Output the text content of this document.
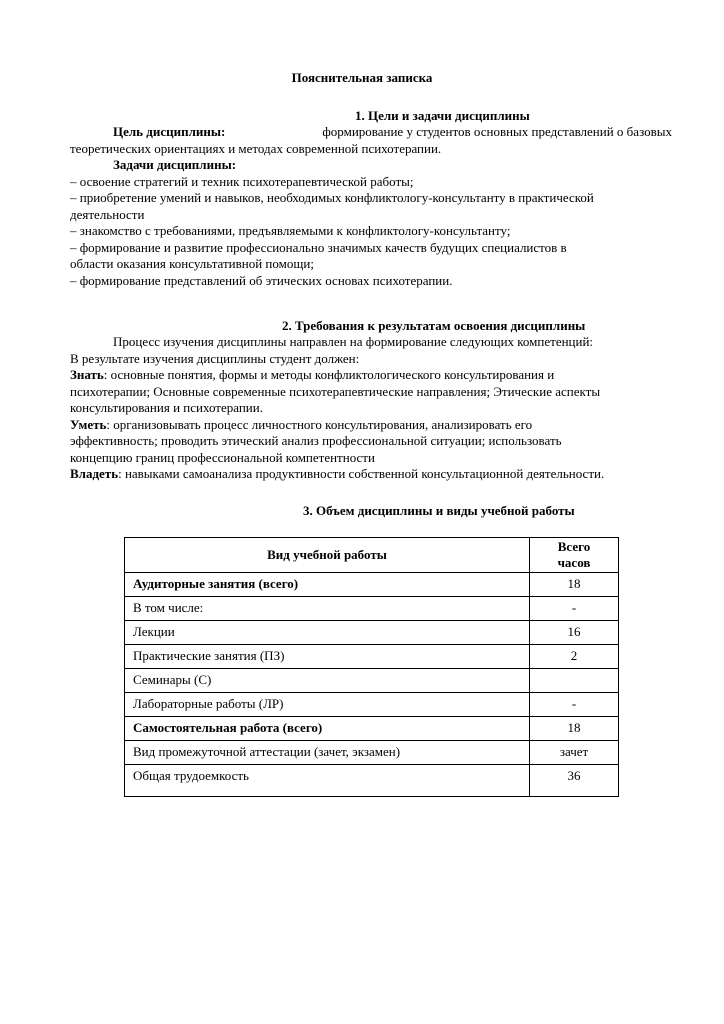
Пояснительная записка
1. Цели и задачи дисциплины
Цель дисциплины:	формирование у студентов основных представлений о базовых
теоретических ориентациях и методах современной психотерапии.
Задачи дисциплины:
– освоение стратегий и техник психотерапевтической работы;
– приобретение умений и навыков, необходимых конфликтологу-консультанту в практической
деятельности
– знакомство с требованиями, предъявляемыми к конфликтологу-консультанту;
– формирование и развитие профессионально значимых качеств будущих специалистов в
области оказания консультативной помощи;
– формирование представлений об этических основах психотерапии.
2. Требования к результатам освоения дисциплины
Процесс изучения дисциплины направлен на формирование следующих компетенций:
В результате изучения дисциплины студент должен:
Знать: основные понятия, формы и методы конфликтологического консультирования и
психотерапии; Основные современные психотерапевтические направления; Этические аспекты
консультирования и психотерапии.
Уметь: организовывать процесс личностного консультирования, анализировать его
эффективность; проводить этический анализ профессиональной ситуации; использовать
концепцию границ профессиональной компетентности
Владеть: навыками самоанализа продуктивности собственной консультационной деятельности.
3. Объем дисциплины и виды учебной работы
Вид учебной работы	Всего
часов

Аудиторные занятия (всего)	18
В том числе:	-
Лекции	16
Практические занятия (ПЗ)	2
Семинары (С)	
Лабораторные работы (ЛР)	-
Самостоятельная работа (всего)	18
Вид промежуточной аттестации (зачет, экзамен)	зачет
Общая трудоемкость	36
